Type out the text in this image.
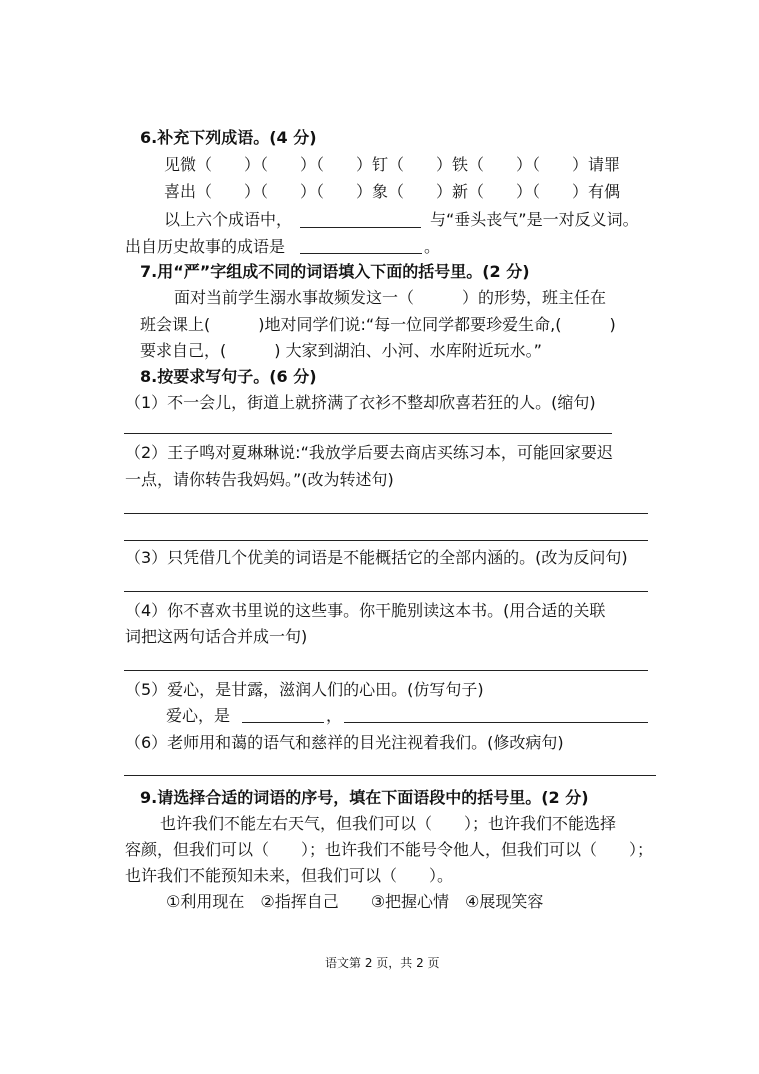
6.补充下列成语。(4 分)
见微（　　）（　　）（　　）钉（　　）铁（　　）（　　）请罪
喜出（　　）（　　）（　　）象（　　）新（　　）（　　）有偶
以上六个成语中，	与“垂头丧气”是一对反义词。
出自历史故事的成语是	。
7.用“严”字组成不同的词语填入下面的括号里。(2 分)
面对当前学生溺水事故频发这一（　　　）的形势，班主任在
班会课上(　　　)地对同学们说:“每一位同学都要珍爱生命,(　　　)
要求自己，(　　　) 大家到湖泊、小河、水库附近玩水。”
8.按要求写句子。(6 分)
（1）不一会儿，街道上就挤满了衣衫不整却欣喜若狂的人。(缩句)
（2）王子鸣对夏琳琳说:“我放学后要去商店买练习本，可能回家要迟
一点，请你转告我妈妈。”(改为转述句)
（3）只凭借几个优美的词语是不能概括它的全部内涵的。(改为反问句)
（4）你不喜欢书里说的这些事。你干脆别读这本书。(用合适的关联
词把这两句话合并成一句)
（5）爱心，是甘露，滋润人们的心田。(仿写句子)
爱心，是	，
（6）老师用和蔼的语气和慈祥的目光注视着我们。(修改病句)
9.请选择合适的词语的序号，填在下面语段中的括号里。(2 分)
也许我们不能左右天气，但我们可以（　　）；也许我们不能选择
容颜，但我们可以（　　）；也许我们不能号令他人，但我们可以（　　）；
也许我们不能预知未来，但我们可以（　　）。
①利用现在　②指挥自己　　③把握心情　④展现笑容
语文第 2 页，共 2 页
